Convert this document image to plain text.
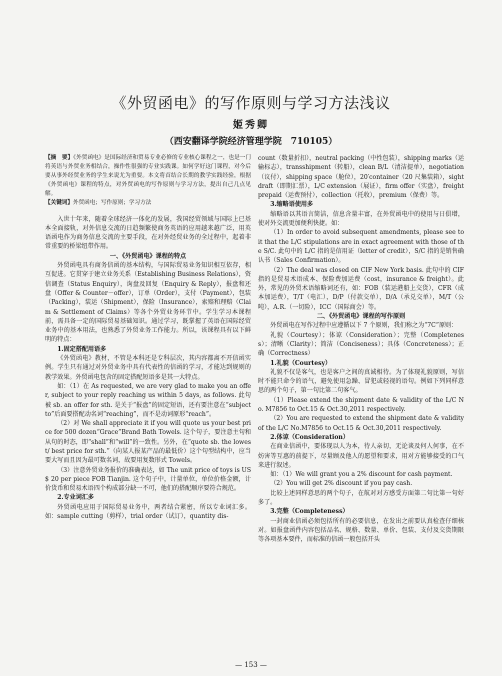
《外贸函电》的写作原则与学习方法浅议
姬秀卿
（西安翻译学院经济管理学院　710105）

【摘　要】《外贸函电》是国际经济和贸易专业必修的专业核心课程之一，也是一门将英语与外贸业务相结合，操作性很强的专业实践课。如何学好这门课程，对今后要从事外经贸业务的学生来说尤为重要。本文将首结合长期的教学实践经验，根据《外贸函电》课程的特点，对外贸函电的写作原则与学习方法，提出自己几点见解。

【关键词】外贸函电；写作原则；学习方法

入世十年来，随着全球经济一体化的发展，我国经贸领域与国际上已基本全面接轨，对外信息交流的日趋频繁使商务英语的应用越来越广泛，用英语函电作为商务信息交流的主要手段，在对外经贸业务的全过程中，起着非常重要的桥梁纽带作用。

一、《外贸函电》课程的特点

外贸函电具有商务信函的基本结构，与国际贸易业务知识相互依存，相互促进。它贯穿于建立业务关系（Establishing Business Relations），资信调查（Status Enquiry），询盘及回复（Enquiry & Reply），报盘和还盘（Offer & Counter－offer），订单（Order），支付（Payment），包装（Packing），装运（Shipment），保险（Insurance），索赔和理赔（Claim & Settlement of Claims）等各个外贸业务环节中。学生学习本课程前，需具备一定的国际贸易基础知识。通过学习，既掌握了英语在国际经贸业务中的基本用法，也熟悉了外贸业务工作能力。所以，该课程具有以下鲜明的特点：

1.固定搭配用语多

《外贸函电》教材，不管是本科还是专科层次，其内容都离不开信函实例。学生只有通过对外贸业务中具有代表性的信函的学习，才能达到规则的教学效果。外贸函电包含的固定搭配短语多是其一大特点。

如：（1）在 As requested, we are very glad to make you an offer, subject to your reply reaching us within 5 days, as follows. 此句被 sb. an offer for sth. 是关于“报盘”的固定短语，还有要注意在“subject to”后面要搭配动名词“reaching”，而不是动词原形“reach”。

（2）对 We shall appreciate it if you will quote us your best price for 500 dozen“Grace”Brand Bath Towels. 这个句子，要注意主句和从句的时态，即“shall”和“will”的一致性。另外，在“quote sb. the lowest/ best price for sth.”（向某人报某产品的最低价）这个句型结构中，应当要大写而且因为最可数名词，故要用复数形式 Towels。

（3）注意外贸业务报价的准确表达，如 The unit price of toys is US $ 20 per piece FOB Tianjin. 这个句子中，计量单位，单位价格金额，计价货币和贸易术语四个构成部分缺一不可，他们的搭配顺序要符合规范。

2.专业词汇多

外贸函电应用于国际贸易业务中，两者结合紧密，所以专业词汇多。如：sample cutting（剪样），trial order（试订），quantity dis-

count（数量折扣），neutral packing（中性包装），shipping marks（运输标志），transshipment（转船），clean B/L（清洁提单），negotiation（议付），shipping space（舱位），20′container（20 尺集装箱），sight draft（即期汇票），L/C extension（展证），firm offer（实盘），freight prepaid（运费预付），collection（托收），premium（保费）等。

3.缩略语使用多

缩略语以其语言简洁，信息含量丰富，在外贸函电中的使用与日俱增，使对外交流更加便利快捷。如：

（1）In order to avoid subsequent amendments, please see to it that the L/C stipulations are in exact agreement with those of the S/C. 此句中的 L/C 指的是信用证（letter of credit），S/C 指的是销售确认书（Sales Confirmation）。

（2）The deal was closed on CIF New York basis. 此句中的 CIF 指的是贸易术语成本、保险费加运费（cost，insurance & freight）。此外，常见的外贸术语缩略词还有，如：FOB（装运港船上交货），CFR（成本加运费），T/T（电汇），D/P（付款交单），D/A（承兑交单），M/T（公吨），A.R.（一切险），ICC（国际商会）等。

二、《外贸函电》课程的写作原则

外贸函电在写作过程中应遵循以下 7 个原则，我们称之为“7C”原则：

礼貌（Courtesy）；体谅（Consideration）；完整（Completeness）；清晰（Clarity）；简洁（Conciseness）；具体（Concreteness）；正确（Correctness）

1.礼貌（Courtesy）

礼貌不仅是客气，也是客户之间的真诚相待。为了体现礼貌原则，写信时不能只命令的语气，避免使用急躁、冒犯或轻视的语句。例如下列同样意思的两个句子，第一句比第二句客气。

（1）Please extend the shipment date & validity of the L/C No. M7856 to Oct.15 & Oct.30,2011 respectively.

（2）You are requested to extend the shipment date & validity of the L/C No.M7856 to Oct.15 & Oct.30,2011 respectively.

2.体谅（Consideration）

在商业信函中，要体现以人为本，待人亲切，无论谈及何人何事，在不妨害等互惠的前提下，尽量顾及他人的愿望和要求，用对方能够接受的口气来进行叙述。

如：（1）We will grant you a 2% discount for cash payment.

（2）You will get 2% discount if you pay cash.

比较上述同样意思的两个句子，在航对对方感受方面第二句比第一句好多了。

3.完整（Completeness）

一封商业信函必须包括所有的必要信息，在发出之前要认真检查仔细核对。如报盘函件内容包括品名、规格、数量、单价、包装、支付及交货期限等各项基本要件，而标准的信函一般包括开头

— 153 —
